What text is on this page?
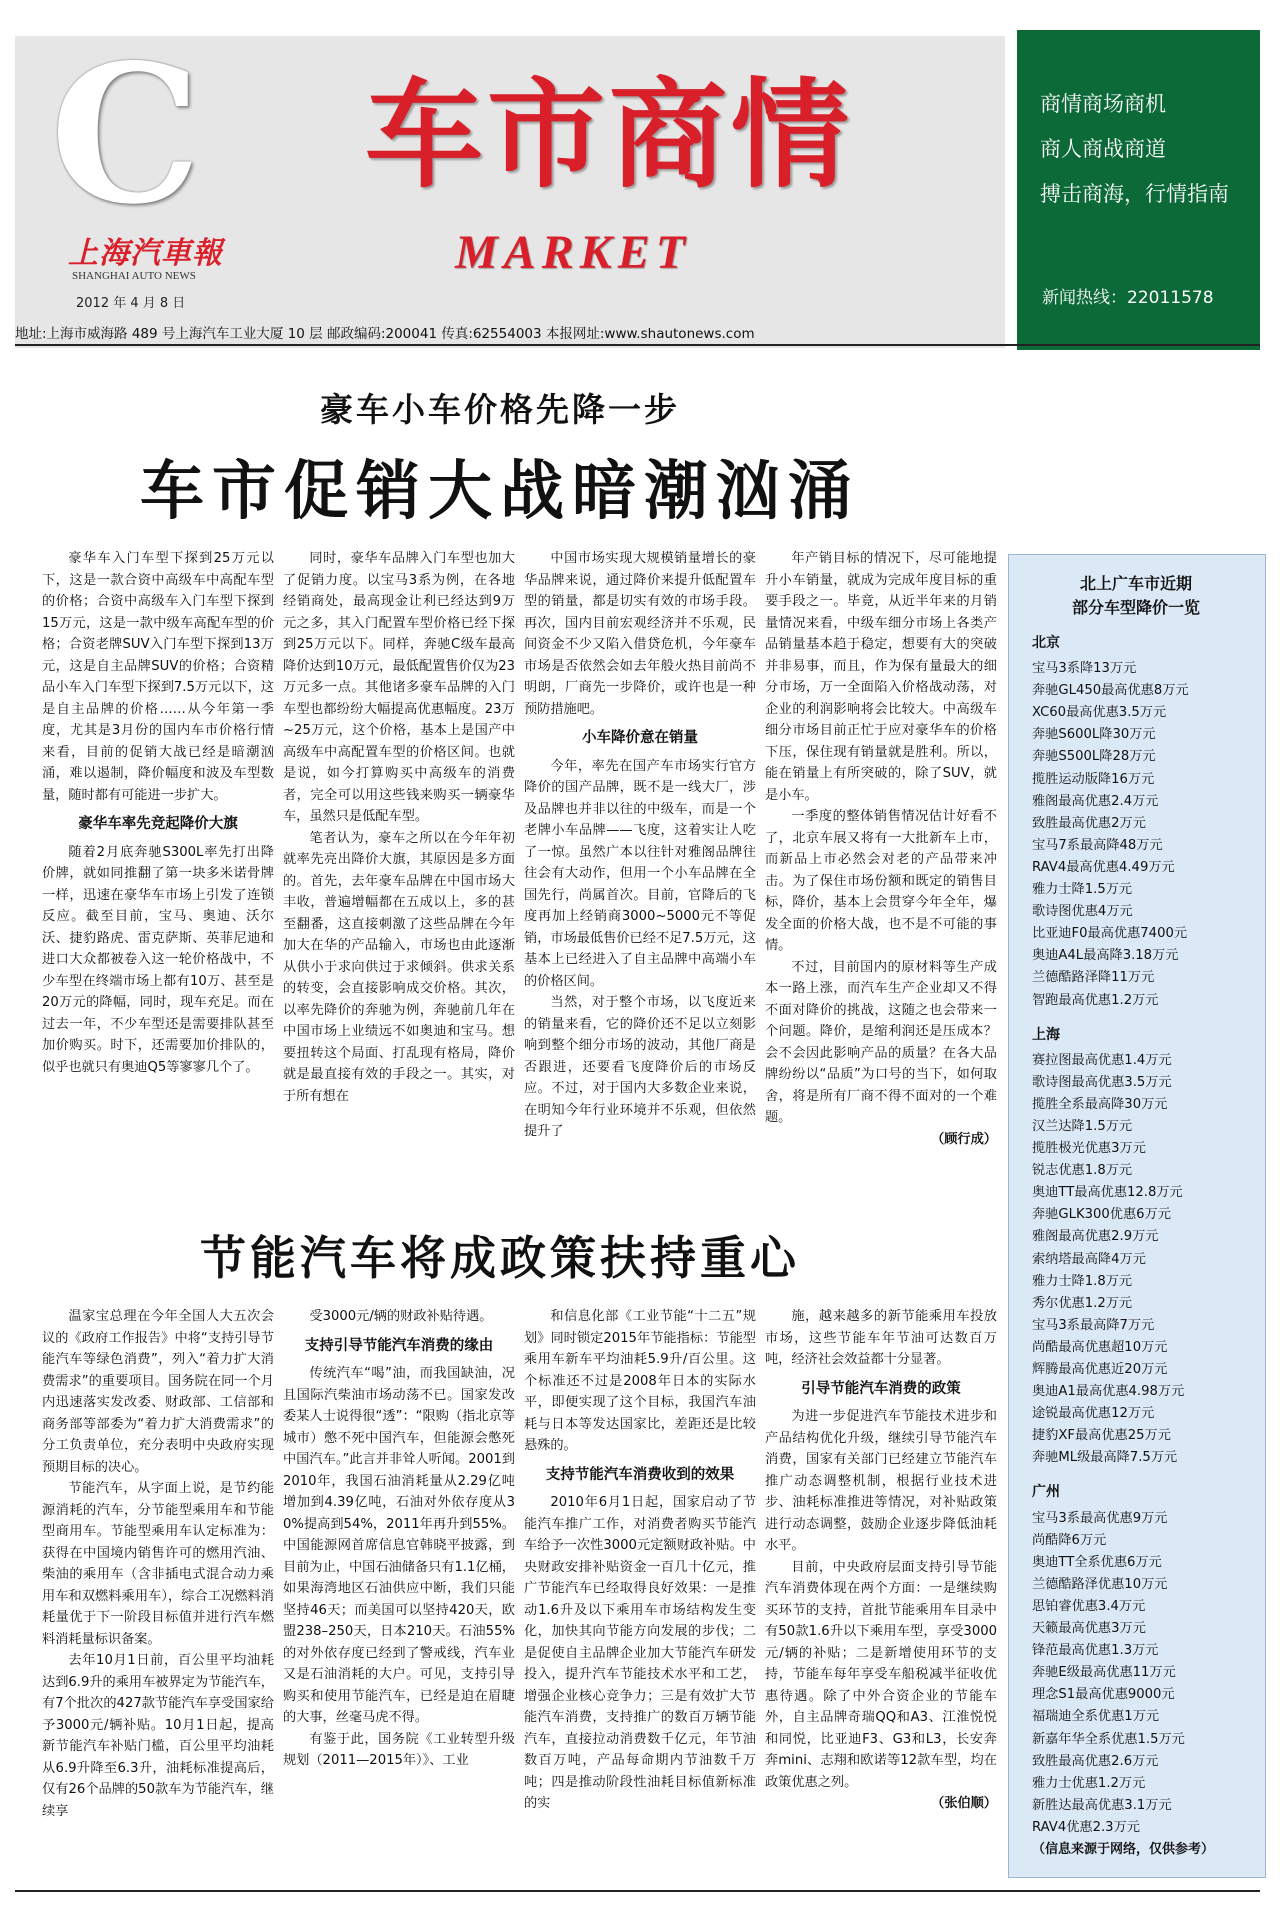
C
上海汽車報
SHANGHAI AUTO NEWS
2012 年 4 月 8 日
车市商情
MARKET
商情商场商机
商人商战商道
搏击商海，行情指南
新闻热线：22011578
地址:上海市威海路 489 号上海汽车工业大厦 10 层 邮政编码:200041 传真:62554003 本报网址:www.shautonews.com
豪车小车价格先降一步
车市促销大战暗潮汹涌

豪华车入门车型下探到25万元以下，这是一款合资中高级车中高配车型的价格；合资中高级车入门车型下探到15万元，这是一款中级车高配车型的价格；合资老牌SUV入门车型下探到13万元，这是自主品牌SUV的价格；合资精品小车入门车型下探到7.5万元以下，这是自主品牌的价格……从今年第一季度，尤其是3月份的国内车市价格行情来看，目前的促销大战已经是暗潮汹涌，难以遏制，降价幅度和波及车型数量，随时都有可能进一步扩大。

豪华车率先竞起降价大旗

随着2月底奔驰S300L率先打出降价牌，就如同推翻了第一块多米诺骨牌一样，迅速在豪华车市场上引发了连锁反应。截至目前，宝马、奥迪、沃尔沃、捷豹路虎、雷克萨斯、英菲尼迪和进口大众都被卷入这一轮价格战中，不少车型在终端市场上都有10万、甚至是20万元的降幅，同时，现车充足。而在过去一年，不少车型还是需要排队甚至加价购买。时下，还需要加价排队的，似乎也就只有奥迪Q5等寥寥几个了。

同时，豪华车品牌入门车型也加大了促销力度。以宝马3系为例，在各地经销商处，最高现金让利已经达到9万元之多，其入门配置车型价格已经下探到25万元以下。同样，奔驰C级车最高降价达到10万元，最低配置售价仅为23万元多一点。其他诸多豪车品牌的入门车型也都纷纷大幅提高优惠幅度。23万~25万元，这个价格，基本上是国产中高级车中高配置车型的价格区间。也就是说，如今打算购买中高级车的消费者，完全可以用这些钱来购买一辆豪华车，虽然只是低配车型。

笔者认为，豪车之所以在今年年初就率先亮出降价大旗，其原因是多方面的。首先，去年豪车品牌在中国市场大丰收，普遍增幅都在五成以上，多的甚至翻番，这直接刺激了这些品牌在今年加大在华的产品输入，市场也由此逐渐从供小于求向供过于求倾斜。供求关系的转变，会直接影响成交价格。其次，以率先降价的奔驰为例，奔驰前几年在中国市场上业绩远不如奥迪和宝马。想要扭转这个局面、打乱现有格局，降价就是最直接有效的手段之一。其实，对于所有想在

中国市场实现大规模销量增长的豪华品牌来说，通过降价来提升低配置车型的销量，都是切实有效的市场手段。再次，国内目前宏观经济并不乐观，民间资金不少又陷入借贷危机，今年豪车市场是否依然会如去年般火热目前尚不明朗，厂商先一步降价，或许也是一种预防措施吧。

小车降价意在销量

今年，率先在国产车市场实行官方降价的国产品牌，既不是一线大厂，涉及品牌也并非以往的中级车，而是一个老牌小车品牌——飞度，这着实让人吃了一惊。虽然广本以往针对雅阁品牌往往会有大动作，但用一个小车品牌在全国先行，尚属首次。目前，官降后的飞度再加上经销商3000~5000元不等促销，市场最低售价已经不足7.5万元，这基本上已经进入了自主品牌中高端小车的价格区间。

当然，对于整个市场，以飞度近来的销量来看，它的降价还不足以立刻影响到整个细分市场的波动，其他厂商是否跟进，还要看飞度降价后的市场反应。不过，对于国内大多数企业来说，在明知今年行业环境并不乐观，但依然提升了

年产销目标的情况下，尽可能地提升小车销量，就成为完成年度目标的重要手段之一。毕竟，从近半年来的月销量情况来看，中级车细分市场上各类产品销量基本趋于稳定，想要有大的突破并非易事，而且，作为保有量最大的细分市场，万一全面陷入价格战动荡，对企业的利润影响将会比较大。中高级车细分市场目前正忙于应对豪华车的价格下压，保住现有销量就是胜利。所以，能在销量上有所突破的，除了SUV，就是小车。

一季度的整体销售情况估计好看不了，北京车展又将有一大批新车上市，而新品上市必然会对老的产品带来冲击。为了保住市场份额和既定的销售目标，降价，基本上会贯穿今年全年，爆发全面的价格大战，也不是不可能的事情。

不过，目前国内的原材料等生产成本一路上涨，而汽车生产企业却又不得不面对降价的挑战，这随之也会带来一个问题。降价，是缩利润还是压成本？会不会因此影响产品的质量？在各大品牌纷纷以“品质”为口号的当下，如何取舍，将是所有厂商不得不面对的一个难题。

（顾行成）

节能汽车将成政策扶持重心

温家宝总理在今年全国人大五次会议的《政府工作报告》中将“支持引导节能汽车等绿色消费”，列入“着力扩大消费需求”的重要项目。国务院在同一个月内迅速落实发改委、财政部、工信部和商务部等部委为“着力扩大消费需求”的分工负责单位，充分表明中央政府实现预期目标的决心。

节能汽车，从字面上说，是节约能源消耗的汽车，分节能型乘用车和节能型商用车。节能型乘用车认定标准为：获得在中国境内销售许可的燃用汽油、柴油的乘用车（含非插电式混合动力乘用车和双燃料乘用车），综合工况燃料消耗量优于下一阶段目标值并进行汽车燃料消耗量标识备案。

去年10月1日前，百公里平均油耗达到6.9升的乘用车被界定为节能汽车，有7个批次的427款节能汽车享受国家给予3000元/辆补贴。10月1日起，提高新节能汽车补贴门槛，百公里平均油耗从6.9升降至6.3升，油耗标准提高后，仅有26个品牌的50款车为节能汽车，继续享

受3000元/辆的财政补贴待遇。

支持引导节能汽车消费的缘由

传统汽车“喝”油，而我国缺油，况且国际汽柴油市场动荡不已。国家发改委某人士说得很“透”：“限购（指北京等城市）憋不死中国汽车，但能源会憋死中国汽车。”此言并非耸人听闻。2001到2010年，我国石油消耗量从2.29亿吨增加到4.39亿吨，石油对外依存度从30%提高到54%，2011年再升到55%。中国能源网首席信息官韩晓平披露，到目前为止，中国石油储备只有1.1亿桶，如果海湾地区石油供应中断，我们只能坚持46天；而美国可以坚持420天，欧盟238–250天，日本210天。石油55%的对外依存度已经到了警戒线，汽车业又是石油消耗的大户。可见，支持引导购买和使用节能汽车，已经是迫在眉睫的大事，丝毫马虎不得。

有鉴于此，国务院《工业转型升级规划（2011—2015年）》、工业

和信息化部《工业节能“十二五”规划》同时锁定2015年节能指标：节能型乘用车新车平均油耗5.9升/百公里。这个标准还不过是2008年日本的实际水平，即便实现了这个目标，我国汽车油耗与日本等发达国家比，差距还是比较悬殊的。

支持节能汽车消费收到的效果

2010年6月1日起，国家启动了节能汽车推广工作，对消费者购买节能汽车给予一次性3000元定额财政补贴。中央财政安排补贴资金一百几十亿元，推广节能汽车已经取得良好效果：一是推动1.6升及以下乘用车市场结构发生变化，加快其向节能方向发展的步伐；二是促使自主品牌企业加大节能汽车研发投入，提升汽车节能技术水平和工艺，增强企业核心竞争力；三是有效扩大节能汽车消费，支持推广的数百万辆节能汽车，直接拉动消费数千亿元，年节油数百万吨，产品每命期内节油数千万吨；四是推动阶段性油耗目标值新标准的实

施，越来越多的新节能乘用车投放市场，这些节能车年节油可达数百万吨，经济社会效益都十分显著。

引导节能汽车消费的政策

为进一步促进汽车节能技术进步和产品结构优化升级，继续引导节能汽车消费，国家有关部门已经建立节能汽车推广动态调整机制，根据行业技术进步、油耗标准推进等情况，对补贴政策进行动态调整，鼓励企业逐步降低油耗水平。

目前，中央政府层面支持引导节能汽车消费体现在两个方面：一是继续购买环节的支持，首批节能乘用车目录中有50款1.6升以下乘用车型，享受3000元/辆的补贴；二是新增使用环节的支持，节能车每年享受车船税减半征收优惠待遇。除了中外合资企业的节能车外，自主品牌奇瑞QQ和A3、江淮悦悦和同悦，比亚迪F3、G3和L3，长安奔奔mini、志翔和欧诺等12款车型，均在政策优惠之列。

（张伯顺）

北上广车市近期
部分车型降价一览
北京
宝马3系降13万元
奔驰GL450最高优惠8万元
XC60最高优惠3.5万元
奔驰S600L降30万元
奔驰S500L降28万元
揽胜运动版降16万元
雅阁最高优惠2.4万元
致胜最高优惠2万元
宝马7系最高降48万元
RAV4最高优惠4.49万元
雅力士降1.5万元
歌诗图优惠4万元
比亚迪F0最高优惠7400元
奥迪A4L最高降3.18万元
兰德酷路泽降11万元
智跑最高优惠1.2万元
上海
赛拉图最高优惠1.4万元
歌诗图最高优惠3.5万元
揽胜全系最高降30万元
汉兰达降1.5万元
揽胜极光优惠3万元
锐志优惠1.8万元
奥迪TT最高优惠12.8万元
奔驰GLK300优惠6万元
雅阁最高优惠2.9万元
索纳塔最高降4万元
雅力士降1.8万元
秀尔优惠1.2万元
宝马3系最高降7万元
尚酷最高优惠超10万元
辉腾最高优惠近20万元
奥迪A1最高优惠4.98万元
途锐最高优惠12万元
捷豹XF最高优惠25万元
奔驰ML级最高降7.5万元
广州
宝马3系最高优惠9万元
尚酷降6万元
奥迪TT全系优惠6万元
兰德酷路泽优惠10万元
思铂睿优惠3.4万元
天籁最高优惠3万元
锋范最高优惠1.3万元
奔驰E级最高优惠11万元
理念S1最高优惠9000元
福瑞迪全系优惠1万元
新嘉年华全系优惠1.5万元
致胜最高优惠2.6万元
雅力士优惠1.2万元
新胜达最高优惠3.1万元
RAV4优惠2.3万元
（信息来源于网络，仅供参考）
